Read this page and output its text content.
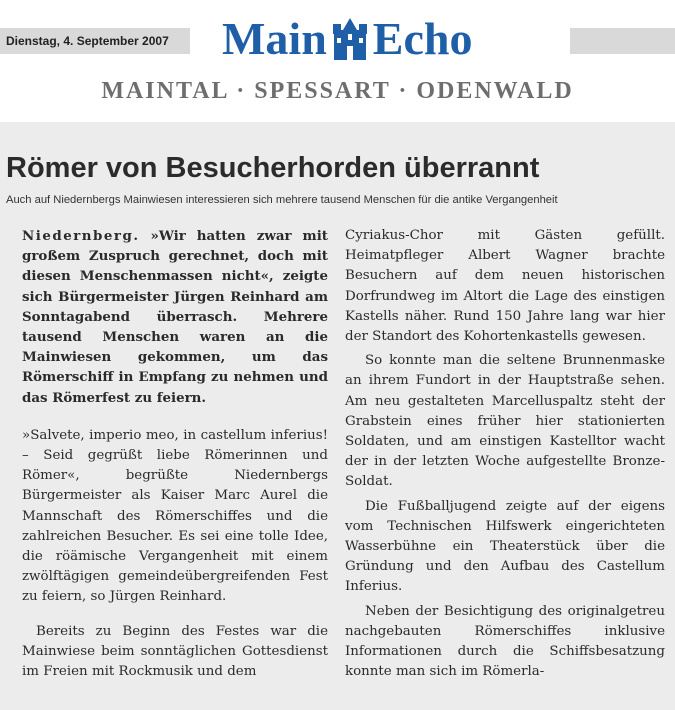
Dienstag, 4. September 2007	Main Echo
MAINTAL · SPESSART · ODENWALD
Römer von Besucherhorden überrannt
Auch auf Niedernbergs Mainwiesen interessieren sich mehrere tausend Menschen für die antike Vergangenheit

Niedernberg. »Wir hatten zwar mit großem Zuspruch gerechnet, doch mit diesen Menschenmassen nicht«, zeigte sich Bürgermeister Jürgen Reinhard am Sonntagabend überrasch. Mehrere tausend Menschen waren an die Mainwiesen gekommen, um das Römerschiff in Empfang zu nehmen und das Römerfest zu feiern.

»Salvete, imperio meo, in castellum inferius! – Seid gegrüßt liebe Römerinnen und Römer«, begrüßte Niedernbergs Bürgermeister als Kaiser Marc Aurel die Mannschaft des Römerschiffes und die zahlreichen Besucher. Es sei eine tolle Idee, die röämische Vergangenheit mit einem zwölftägigen gemeindeübergreifenden Fest zu feiern, so Jürgen Reinhard.

Bereits zu Beginn des Festes war die Mainwiese beim sonntäglichen Gottesdienst im Freien mit Rockmusik und dem

Cyriakus-Chor mit Gästen gefüllt. Heimatpfleger Albert Wagner brachte Besuchern auf dem neuen historischen Dorfrundweg im Altort die Lage des einstigen Kastells näher. Rund 150 Jahre lang war hier der Standort des Kohortenkastells gewesen.

So konnte man die seltene Brunnenmaske an ihrem Fundort in der Hauptstraße sehen. Am neu gestalteten Marcelluspaltz steht der Grabstein eines früher hier stationierten Soldaten, und am einstigen Kastelltor wacht der in der letzten Woche aufgestellte Bronze-Soldat.

Die Fußballjugend zeigte auf der eigens vom Technischen Hilfswerk eingerichteten Wasserbühne ein Theaterstück über die Gründung und den Aufbau des Castellum Inferius.

Neben der Besichtigung des originalgetreu nachgebauten Römerschiffes inklusive Informationen durch die Schiffsbesatzung konnte man sich im Römerla-
